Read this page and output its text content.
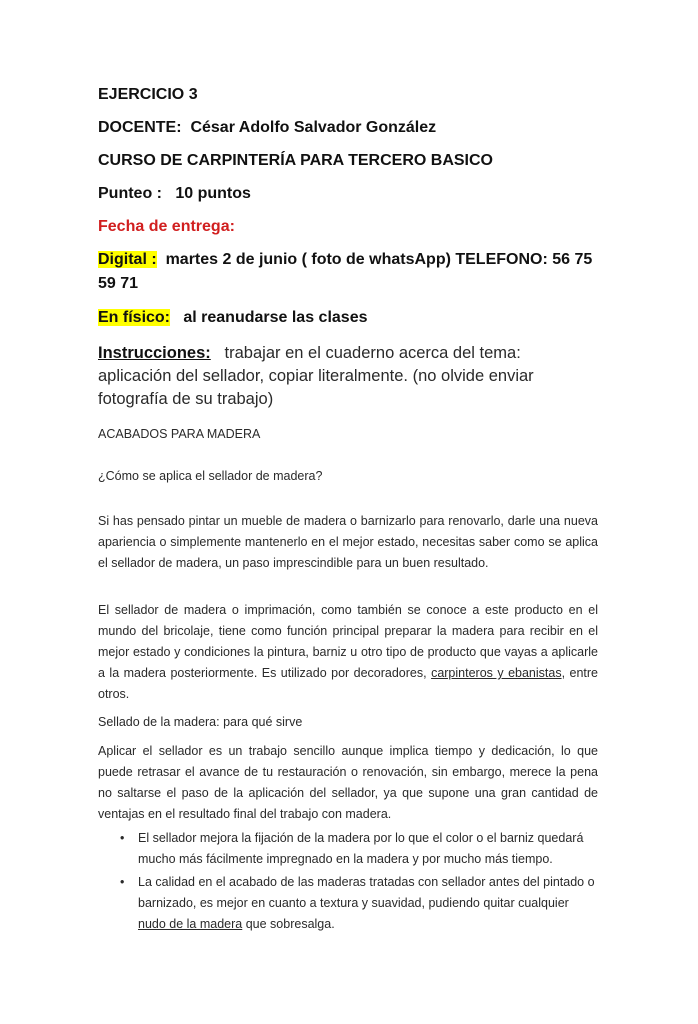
EJERCICIO 3
DOCENTE: César Adolfo Salvador González
CURSO DE CARPINTERÍA PARA TERCERO BASICO
Punteo : 10 puntos
Fecha de entrega:
Digital : martes 2 de junio ( foto de whatsApp) TELEFONO: 56 75
59 71
En físico: al reanudarse las clases
Instrucciones: trabajar en el cuaderno acerca del tema:
aplicación del sellador, copiar literalmente. (no olvide enviar
fotografía de su trabajo)
ACABADOS PARA MADERA
¿Cómo se aplica el sellador de madera?

Si has pensado pintar un mueble de madera o barnizarlo para renovarlo, darle una nueva apariencia o simplemente mantenerlo en el mejor estado, necesitas saber como se aplica el sellador de madera, un paso imprescindible para un buen resultado.

El sellador de madera o imprimación, como también se conoce a este producto en el mundo del bricolaje, tiene como función principal preparar la madera para recibir en el mejor estado y condiciones la pintura, barniz u otro tipo de producto que vayas a aplicarle a la madera posteriormente. Es utilizado por decoradores, carpinteros y ebanistas, entre otros.

Sellado de la madera: para qué sirve

Aplicar el sellador es un trabajo sencillo aunque implica tiempo y dedicación, lo que puede retrasar el avance de tu restauración o renovación, sin embargo, merece la pena no saltarse el paso de la aplicación del sellador, ya que supone una gran cantidad de ventajas en el resultado final del trabajo con madera.

• El sellador mejora la fijación de la madera por lo que el color o el barniz quedará mucho más fácilmente impregnado en la madera y por mucho más tiempo.
• La calidad en el acabado de las maderas tratadas con sellador antes del pintado o barnizado, es mejor en cuanto a textura y suavidad, pudiendo quitar cualquier nudo de la madera que sobresalga.
